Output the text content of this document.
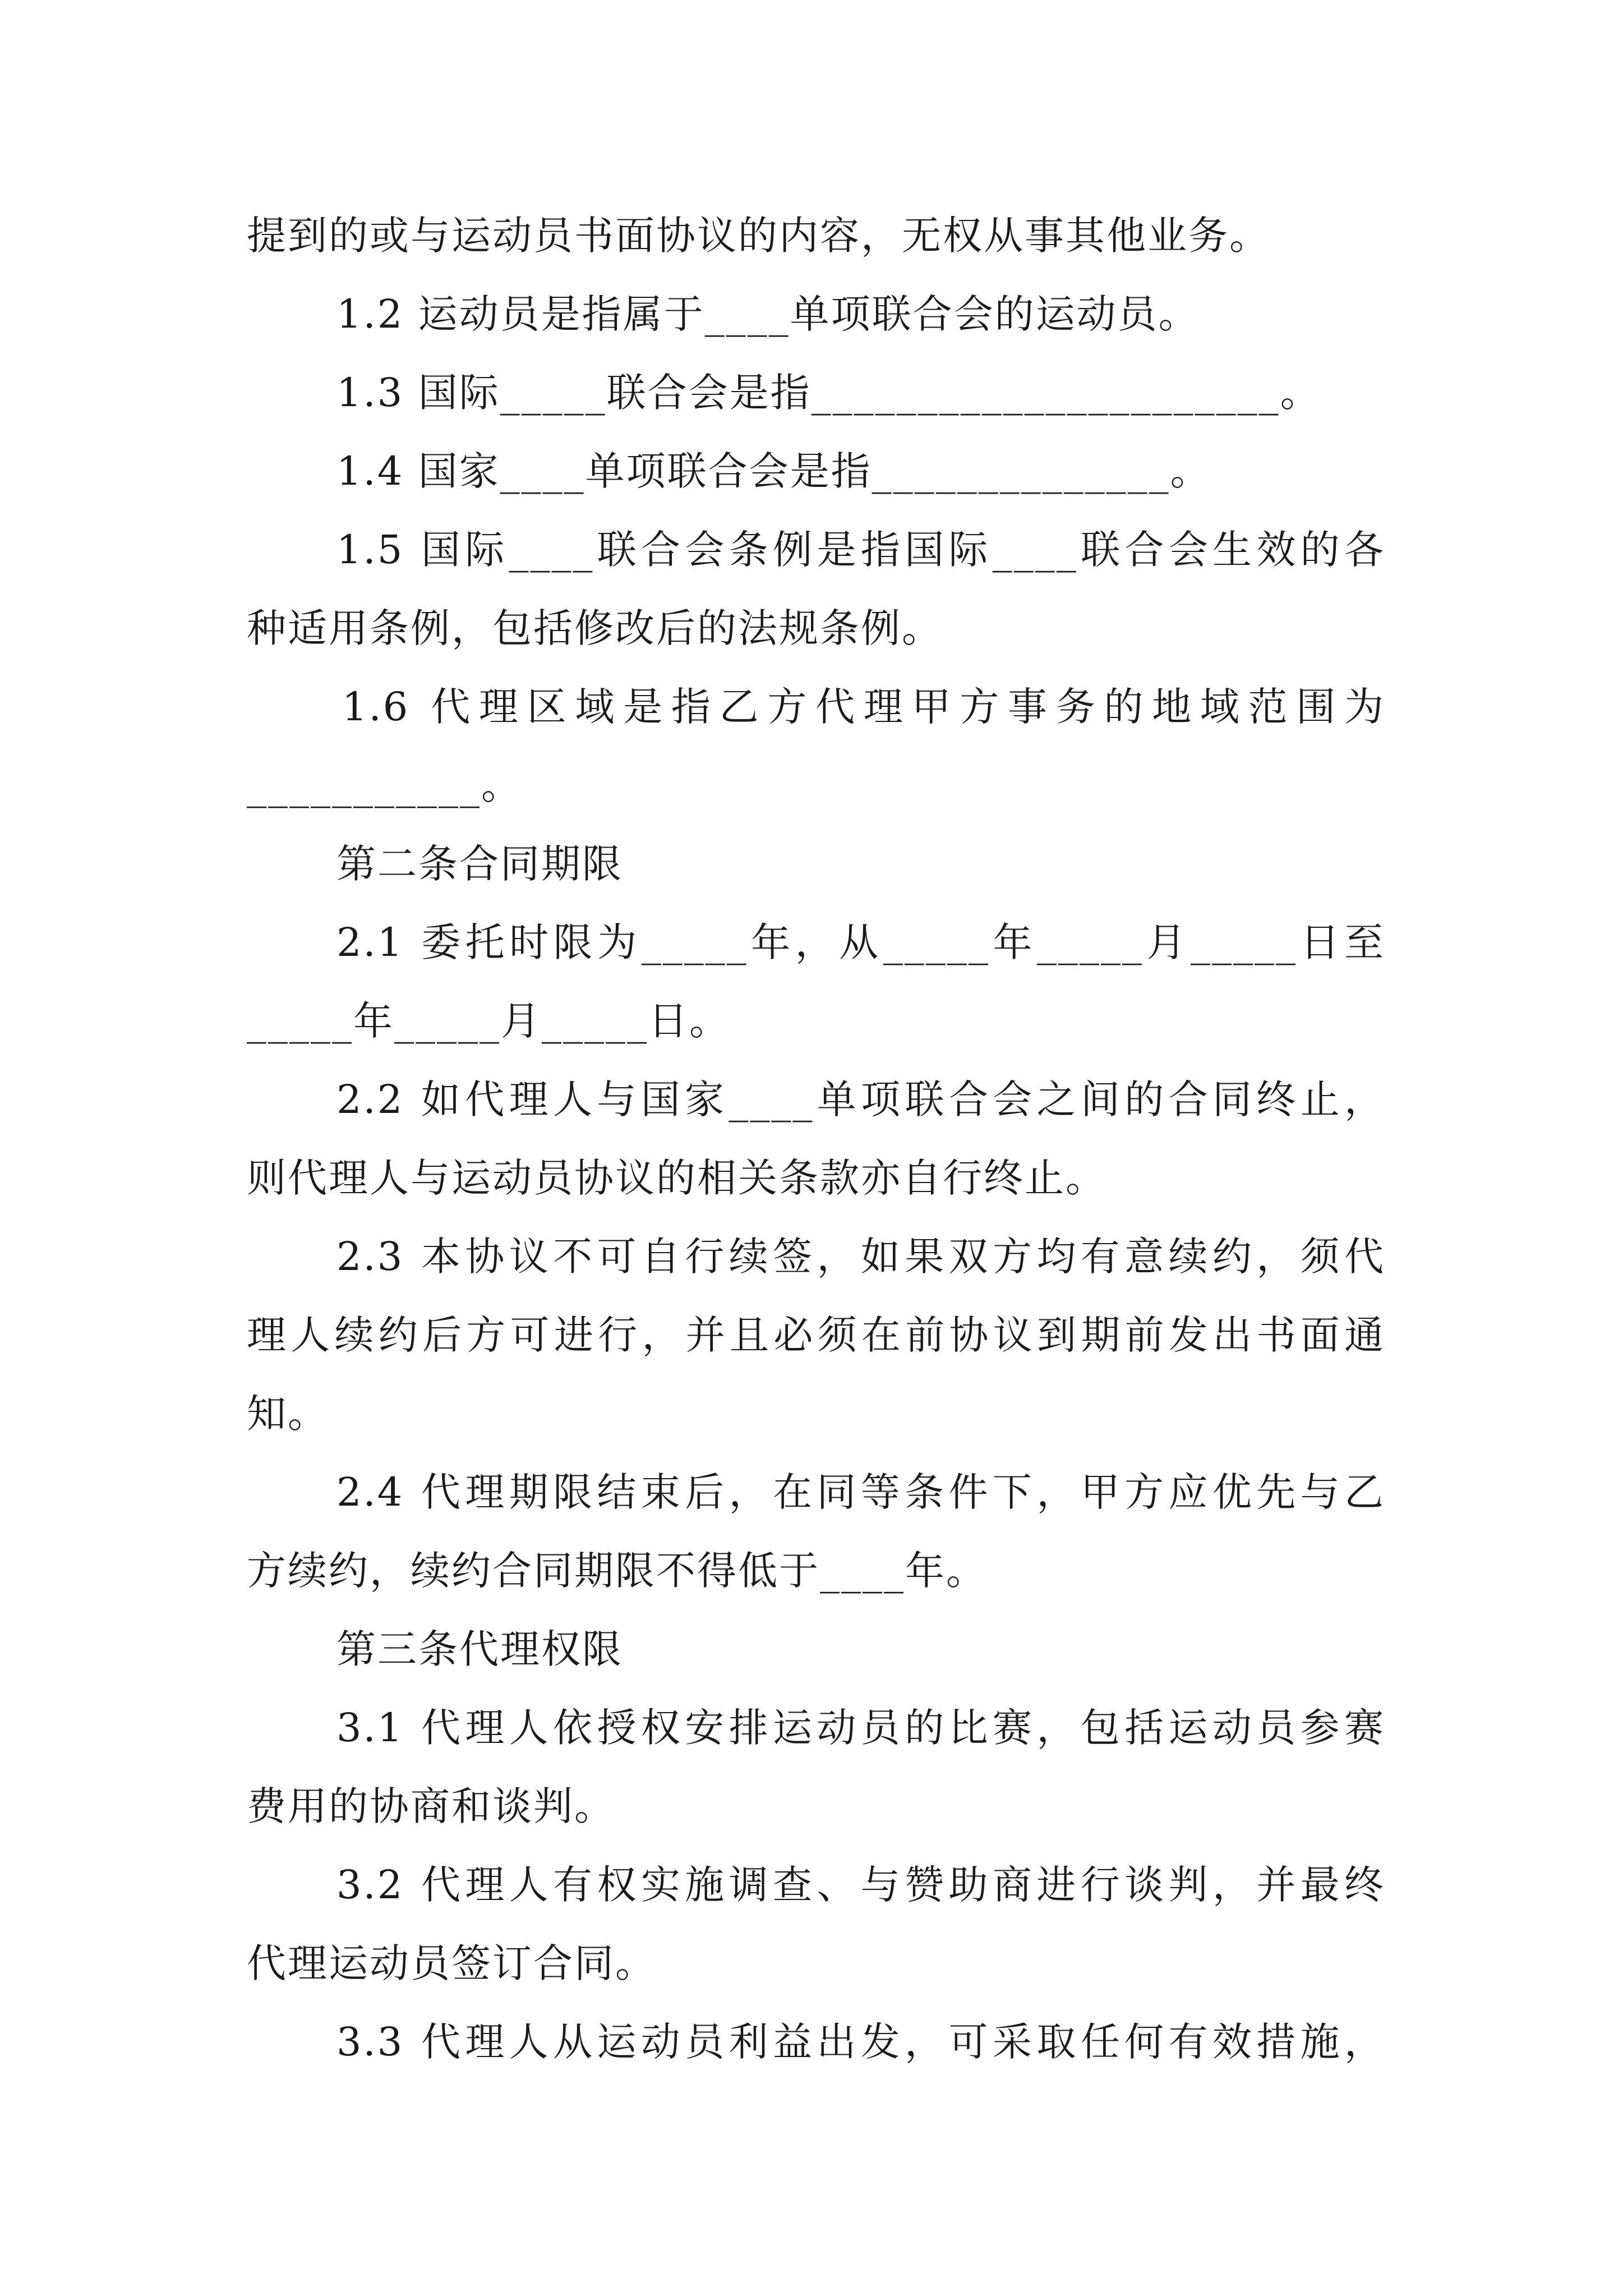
提到的或与运动员书面协议的内容，无权从事其他业务。
1.2 运动员是指属于____单项联合会的运动员。
1.3 国际_____联合会是指______________________。
1.4 国家____单项联合会是指______________。
1.5 国际____联合会条例是指国际____联合会生效的各
种适用条例，包括修改后的法规条例。
1.6 代理区域是指乙方代理甲方事务的地域范围为
___________。
第二条合同期限
2.1 委托时限为_____年，从_____年_____月_____日至
_____年_____月_____日。
2.2 如代理人与国家____单项联合会之间的合同终止，
则代理人与运动员协议的相关条款亦自行终止。
2.3 本协议不可自行续签，如果双方均有意续约，须代
理人续约后方可进行，并且必须在前协议到期前发出书面通
知。
2.4 代理期限结束后，在同等条件下，甲方应优先与乙
方续约，续约合同期限不得低于____年。
第三条代理权限
3.1 代理人依授权安排运动员的比赛，包括运动员参赛
费用的协商和谈判。
3.2 代理人有权实施调查、与赞助商进行谈判，并最终
代理运动员签订合同。
3.3 代理人从运动员利益出发，可采取任何有效措施，
